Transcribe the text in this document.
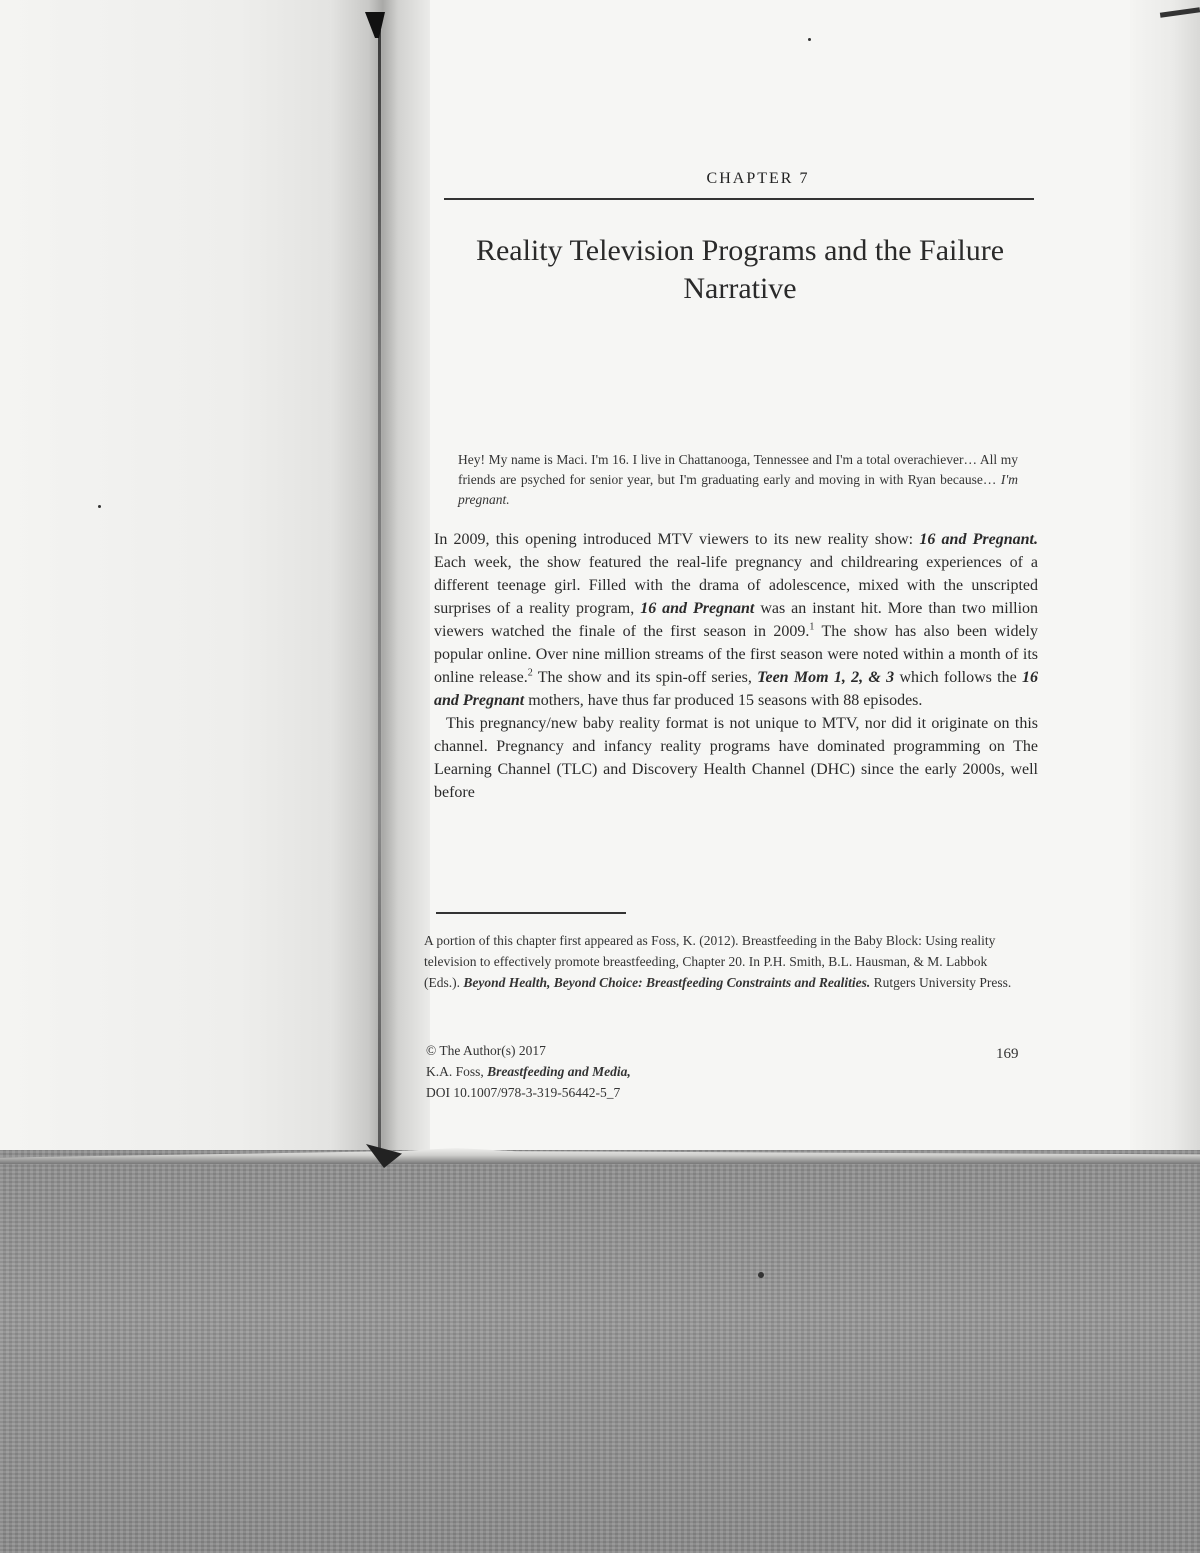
CHAPTER 7
Reality Television Programs and the Failure
Narrative
Hey! My name is Maci. I'm 16. I live in Chattanooga, Tennessee and I'm a total overachiever… All my friends are psyched for senior year, but I'm graduating early and moving in with Ryan because… I'm pregnant.

In 2009, this opening introduced MTV viewers to its new reality show: 16 and Pregnant. Each week, the show featured the real-life pregnancy and childrearing experiences of a different teenage girl. Filled with the drama of adolescence, mixed with the unscripted surprises of a reality program, 16 and Pregnant was an instant hit. More than two million viewers watched the finale of the first season in 2009.$^1$ The show has also been widely popular online. Over nine million streams of the first season were noted within a month of its online release.$^2$ The show and its spin-off series, Teen Mom 1, 2, & 3 which follows the 16 and Pregnant mothers, have thus far produced 15 seasons with 88 episodes.

This pregnancy/new baby reality format is not unique to MTV, nor did it originate on this channel. Pregnancy and infancy reality programs have dominated programming on The Learning Channel (TLC) and Discovery Health Channel (DHC) since the early 2000s, well before

A portion of this chapter first appeared as Foss, K. (2012). Breastfeeding in the Baby Block: Using reality television to effectively promote breastfeeding, Chapter 20. In P.H. Smith, B.L. Hausman, & M. Labbok (Eds.). Beyond Health, Beyond Choice: Breastfeeding Constraints and Realities. Rutgers University Press.
© The Author(s) 2017
K.A. Foss, Breastfeeding and Media,
DOI 10.1007/978-3-319-56442-5_7
169
